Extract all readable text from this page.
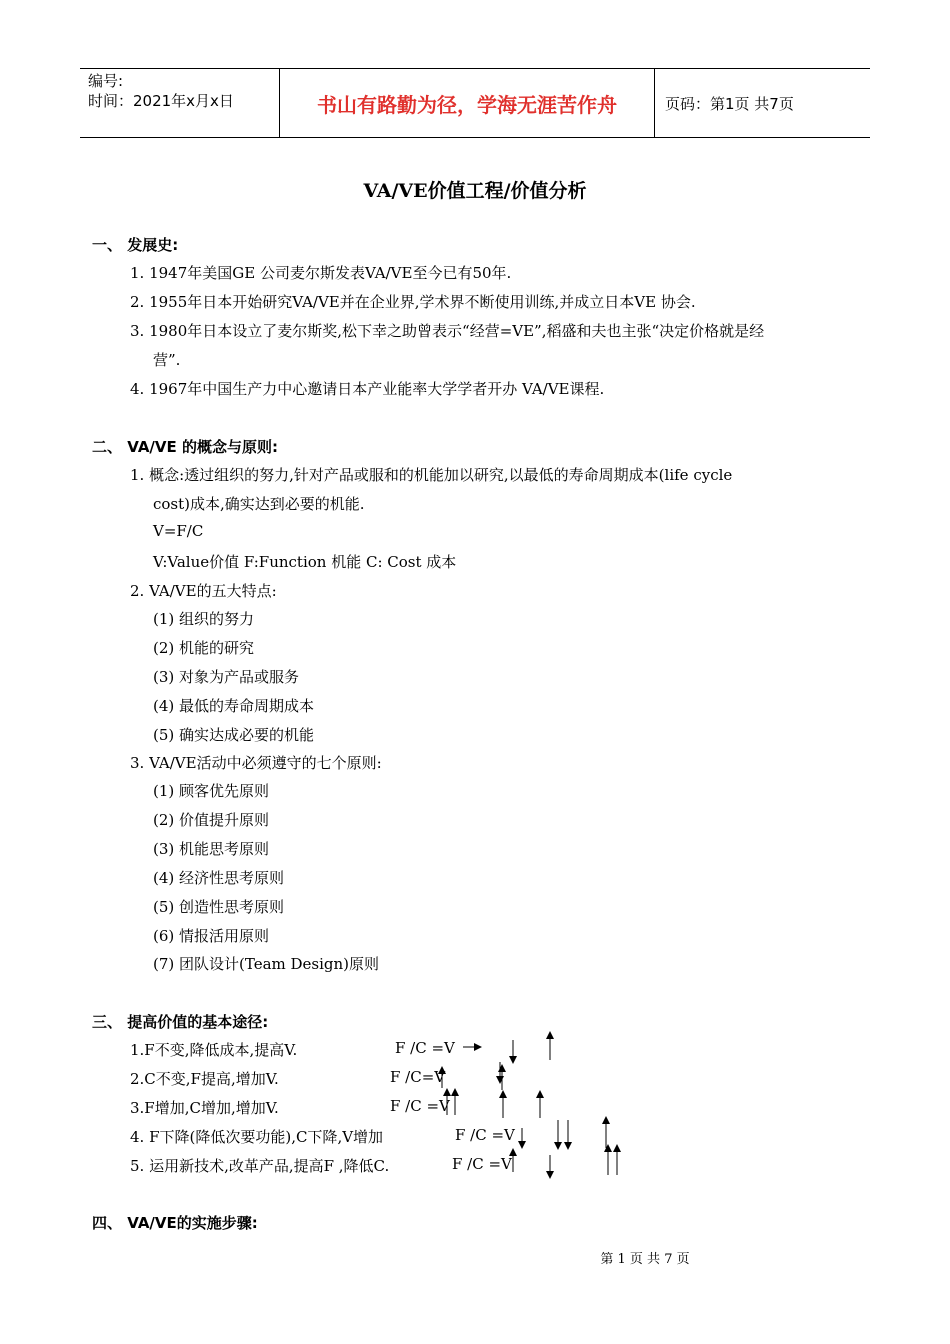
编号:
时间：2021年x月x日	书山有路勤为径，学海无涯苦作舟	页码：第1页 共7页
VA/VE价值工程/价值分析
一、 发展史:
1. 1947年美国GE 公司麦尔斯发表VA/VE至今已有50年.
2. 1955年日本开始研究VA/VE并在企业界,学术界不断使用训练,并成立日本VE 协会.
3. 1980年日本设立了麦尔斯奖,松下幸之助曾表示“经营=VE”,稻盛和夫也主张“决定价格就是经
营”.
4. 1967年中国生产力中心邀请日本产业能率大学学者开办 VA/VE课程.
二、 VA/VE 的概念与原则:
1. 概念:透过组织的努力,针对产品或服和的机能加以研究,以最低的寿命周期成本(life cycle
cost)成本,确实达到必要的机能.
V=F/C
V:Value价值 F:Function 机能 C: Cost 成本
2. VA/VE的五大特点:
(1) 组织的努力
(2) 机能的研究
(3) 对象为产品或服务
(4) 最低的寿命周期成本
(5) 确实达成必要的机能
3. VA/VE活动中必须遵守的七个原则:
(1) 顾客优先原则
(2) 价值提升原则
(3) 机能思考原则
(4) 经济性思考原则
(5) 创造性思考原则
(6) 情报活用原则
(7) 团队设计(Team Design)原则
三、 提高价值的基本途径:
1.F不变,降低成本,提高V.	F /C =V
2.C不变,F提高,增加V.	F /C=V
3.F增加,C增加,增加V.	F /C =V
4. F下降(降低次要功能),C下降,V增加	F /C =V
5. 运用新技术,改革产品,提高F ,降低C.	F /C =V
四、 VA/VE的实施步骤:
第 1 页 共 7 页
